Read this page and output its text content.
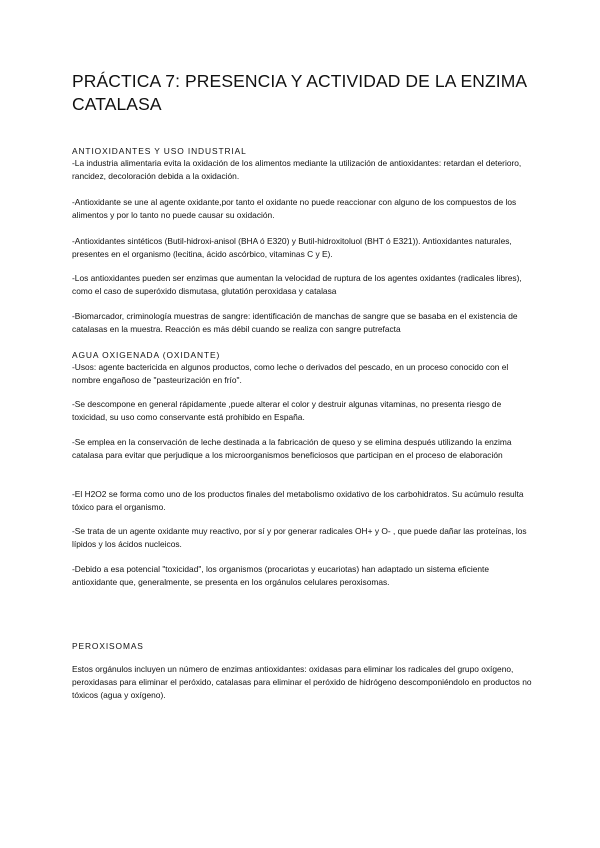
PRÁCTICA 7: PRESENCIA Y ACTIVIDAD DE LA ENZIMA CATALASA
ANTIOXIDANTES Y USO INDUSTRIAL

-La industria alimentaria evita la oxidación de los alimentos mediante la utilización de antioxidantes: retardan el deterioro, rancidez, decoloración debida a la oxidación.

-Antioxidante se une al agente oxidante,por tanto el oxidante no puede reaccionar con alguno de los compuestos de los alimentos y por lo tanto no puede causar su oxidación.

-Antioxidantes sintéticos (Butil-hidroxi-anisol (BHA ó E320) y Butil-hidroxitoluol (BHT ó E321)). Antioxidantes naturales, presentes en el organismo (lecitina, ácido ascórbico, vitaminas C y E).

-Los antioxidantes pueden ser enzimas que aumentan la velocidad de ruptura de los agentes oxidantes (radicales libres), como el caso de superóxido dismutasa, glutatión peroxidasa y catalasa

-Biomarcador, criminología muestras de sangre: identificación de manchas de sangre que se basaba en el existencia de catalasas en la muestra. Reacción es más débil cuando se realiza con sangre putrefacta

AGUA OXIGENADA (OXIDANTE)

-Usos: agente bactericida en algunos productos, como leche o derivados del pescado, en un proceso conocido con el nombre engañoso de "pasteurización en frío".

-Se descompone en general rápidamente ,puede alterar el color y destruir algunas vitaminas, no presenta riesgo de toxicidad, su uso como conservante está prohibido en España.

-Se emplea en la conservación de leche destinada a la fabricación de queso y se elimina después utilizando la enzima catalasa para evitar que perjudique a los microorganismos beneficiosos que participan en el proceso de elaboración

-El H2O2 se forma como uno de los productos finales del metabolismo oxidativo de los carbohidratos. Su acúmulo resulta tóxico para el organismo.

-Se trata de un agente oxidante muy reactivo, por sí y por generar radicales OH+ y O- , que puede dañar las proteínas, los lípidos y los ácidos nucleicos.

-Debido a esa potencial "toxicidad", los organismos (procariotas y eucariotas) han adaptado un sistema eficiente antioxidante que, generalmente, se presenta en los orgánulos celulares peroxisomas.

PEROXISOMAS

Estos orgánulos incluyen un número de enzimas antioxidantes: oxidasas para eliminar los radicales del grupo oxígeno, peroxidasas para eliminar el peróxido, catalasas para eliminar el peróxido de hidrógeno descomponiéndolo en productos no tóxicos (agua y oxígeno).
